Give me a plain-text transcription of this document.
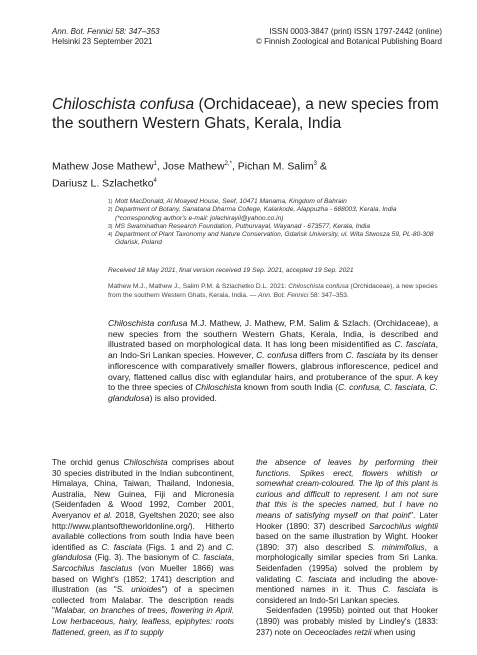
Ann. Bot. Fennici 58: 347–353	ISSN 0003-3847 (print) ISSN 1797-2442 (online)
Helsinki 23 September 2021	© Finnish Zoological and Botanical Publishing Board
Chiloschista confusa (Orchidaceae), a new species from
the southern Western Ghats, Kerala, India
Mathew Jose Mathew$^1$, Jose Mathew$^{2,*}$, Pichan M. Salim$^3$ &
Dariusz L. Szlachetko$^4$
1) Mott MacDonald, Al Moayed House, Seef, 10471 Manama, Kingdom of Bahrain
2) Department of Botany, Sanatana Dharma College, Kalarkode, Alappuzha - 688003, Kerala, India (*corresponding author's e-mail: jolachirayil@yahoo.co.in)
3) MS Swaminathan Research Foundation, Puthurvayal, Wayanad - 673577, Kerala, India
4) Department of Plant Taxonomy and Nature Conservation, Gdańsk University, ul. Wita Stwosza 59, PL-80-308 Gdańsk, Poland
Received 18 May 2021, final version received 19 Sep. 2021, accepted 19 Sep. 2021
Mathew M.J., Mathew J., Salim P.M. & Szlachetko D.L. 2021: Chiloschista confusa (Orchidaceae), a new species from the southern Western Ghats, Kerala, India. — Ann. Bot. Fennici 58: 347–353.
Chiloschista confusa M.J. Mathew, J. Mathew, P.M. Salim & Szlach. (Orchidaceae), a new species from the southern Western Ghats, Kerala, India, is described and illustrated based on morphological data. It has long been misidentified as C. fasciata, an Indo-Sri Lankan species. However, C. confusa differs from C. fasciata by its denser inflorescence with comparatively smaller flowers, glabrous inflorescence, pedicel and ovary, flattened callus disc with eglandular hairs, and protuberance of the spur. A key to the three species of Chiloschista known from south India (C. confusa, C. fasciata, C. glandulosa) is also provided.

The orchid genus Chiloschista comprises about 30 species distributed in the Indian subcontinent, Himalaya, China, Taiwan, Thailand, Indonesia, Australia, New Guinea, Fiji and Micronesia (Seidenfaden & Wood 1992, Comber 2001, Averyanov et al. 2018, Gyeltshen 2020; see also http://www.plantsoftheworldonline.org/). Hitherto available collections from south India have been identified as C. fasciata (Figs. 1 and 2) and C. glandulosa (Fig. 3). The basionym of C. fasciata, Sarcochilus fasciatus (von Mueller 1866) was based on Wight's (1852: 1741) description and illustration (as "S. unioides") of a specimen collected from Malabar. The description reads "Malabar, on branches of trees, flowering in April. Low herbaceous, hairy, leafless, epiphytes: roots flattened, green, as if to supply

the absence of leaves by performing their functions. Spikes erect, flowers whitish or somewhat cream-coloured. The lip of this plant is curious and difficult to represent. I am not sure that this is the species named, but I have no means of satisfying myself on that point". Later Hooker (1890: 37) described Sarcochilus wightii based on the same illustration by Wight. Hooker (1890: 37) also described S. minimifolius, a morphologically similar species from Sri Lanka. Seidenfaden (1995a) solved the problem by validating C. fasciata and including the above-mentioned names in it. Thus C. fasciata is considered an Indo-Sri Lankan species.

Seidenfaden (1995b) pointed out that Hooker (1890) was probably misled by Lindley's (1833: 237) note on Oeceoclades retzii when using
